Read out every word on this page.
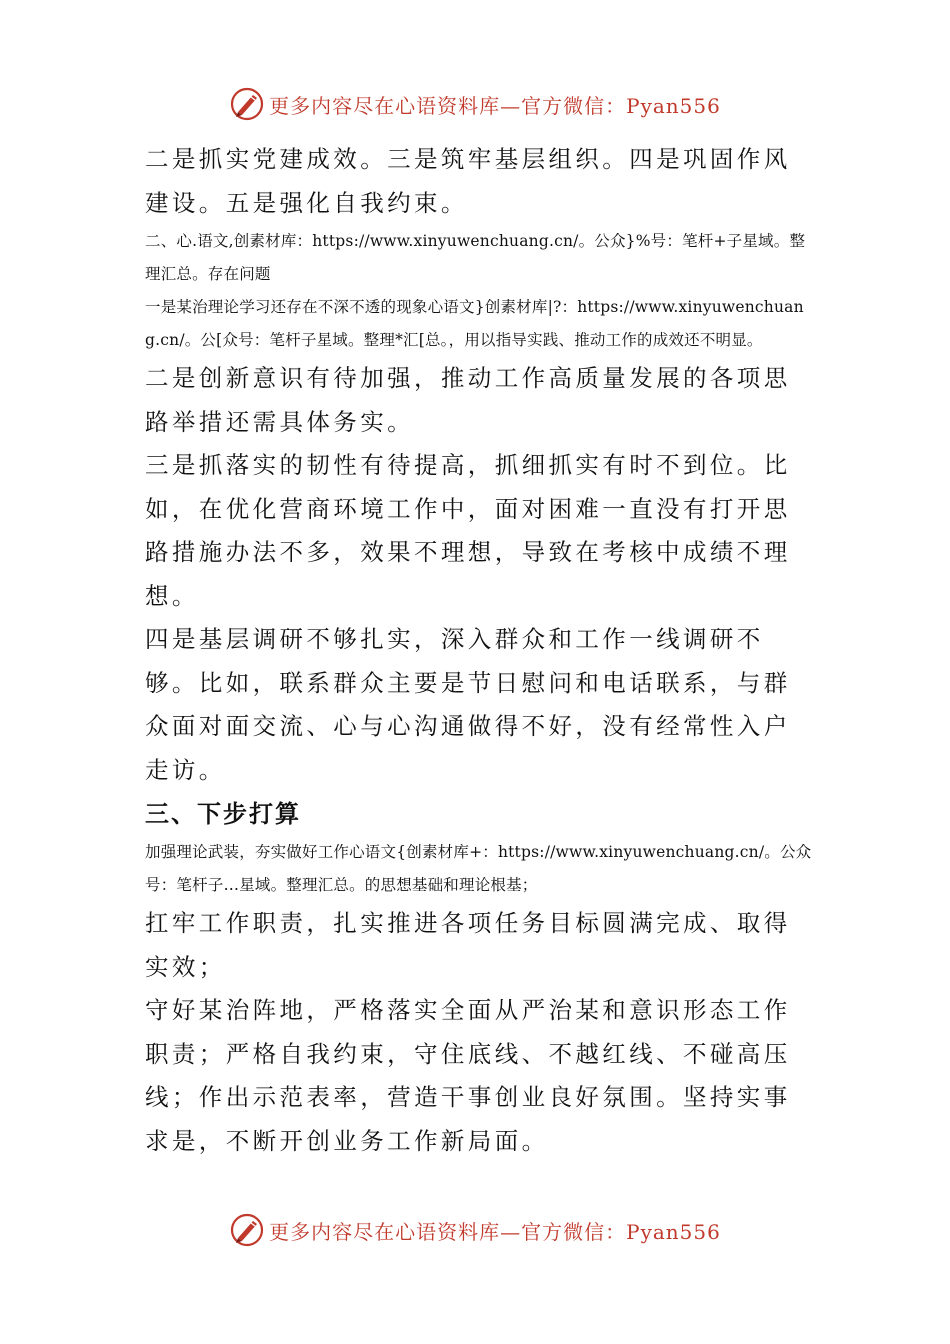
更多内容尽在心语资料库—官方微信：Pyan556

二是抓实党建成效。三是筑牢基层组织。四是巩固作风建设。五是强化自我约束。

二、心.语文,创素材库：https://www.xinyuwenchuang.cn/。公众}%号：笔杆+子星域。整理汇总。存在问题

一是某治理论学习还存在不深不透的现象心语文}创素材库|?：https://www.xinyuwenchuang.cn/。公[众号：笔杆子星域。整理*汇[总。，用以指导实践、推动工作的成效还不明显。

二是创新意识有待加强，推动工作高质量发展的各项思路举措还需具体务实。

三是抓落实的韧性有待提高，抓细抓实有时不到位。比如，在优化营商环境工作中，面对困难一直没有打开思路措施办法不多，效果不理想，导致在考核中成绩不理想。

四是基层调研不够扎实，深入群众和工作一线调研不够。比如，联系群众主要是节日慰问和电话联系，与群众面对面交流、心与心沟通做得不好，没有经常性入户走访。

三、下步打算

加强理论武装，夯实做好工作心语文{创素材库+：https://www.xinyuwenchuang.cn/。公众号：笔杆子…星域。整理汇总。的思想基础和理论根基；

扛牢工作职责，扎实推进各项任务目标圆满完成、取得实效；

守好某治阵地，严格落实全面从严治某和意识形态工作职责；严格自我约束，守住底线、不越红线、不碰高压线；作出示范表率，营造干事创业良好氛围。坚持实事求是，不断开创业务工作新局面。

更多内容尽在心语资料库—官方微信：Pyan556
